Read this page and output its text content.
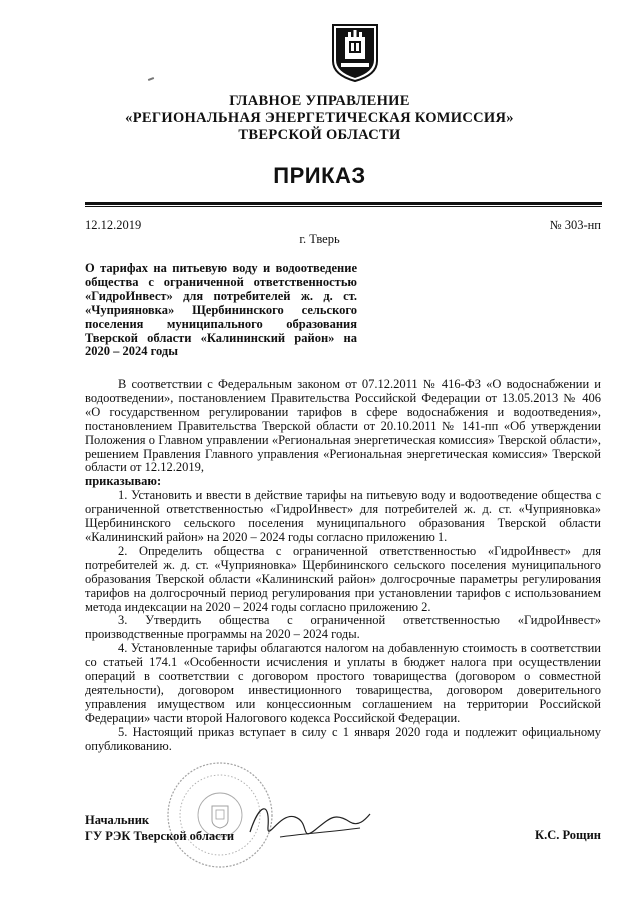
ГЛАВНОЕ УПРАВЛЕНИЕ
«РЕГИОНАЛЬНАЯ ЭНЕРГЕТИЧЕСКАЯ КОМИССИЯ»
ТВЕРСКОЙ ОБЛАСТИ
ПРИКАЗ
12.12.2019	№ 303-нп
г. Тверь
О тарифах на питьевую воду и водоотведение общества с ограниченной ответственностью «ГидроИнвест» для потребителей ж. д. ст. «Чуприяновка» Щербининского сельского поселения муниципального образования Тверской области «Калининский район» на 2020 – 2024 годы

В соответствии с Федеральным законом от 07.12.2011 № 416-ФЗ «О водоснабжении и водоотведении», постановлением Правительства Российской Федерации от 13.05.2013 № 406 «О государственном регулировании тарифов в сфере водоснабжения и водоотведения», постановлением Правительства Тверской области от 20.10.2011 № 141-пп «Об утверждении Положения о Главном управлении «Региональная энергетическая комиссия» Тверской области», решением Правления Главного управления «Региональная энергетическая комиссия» Тверской области от 12.12.2019,

приказываю:

1. Установить и ввести в действие тарифы на питьевую воду и водоотведение общества с ограниченной ответственностью «ГидроИнвест» для потребителей ж. д. ст. «Чуприяновка» Щербининского сельского поселения муниципального образования Тверской области «Калининский район» на 2020 – 2024 годы согласно приложению 1.

2. Определить общества с ограниченной ответственностью «ГидроИнвест» для потребителей ж. д. ст. «Чуприяновка» Щербининского сельского поселения муниципального образования Тверской области «Калининский район» долгосрочные параметры регулирования тарифов на долгосрочный период регулирования при установлении тарифов с использованием метода индексации на 2020 – 2024 годы согласно приложению 2.

3. Утвердить общества с ограниченной ответственностью «ГидроИнвест» производственные программы на 2020 – 2024 годы.

4. Установленные тарифы облагаются налогом на добавленную стоимость в соответствии со статьей 174.1 «Особенности исчисления и уплаты в бюджет налога при осуществлении операций в соответствии с договором простого товарищества (договором о совместной деятельности), договором инвестиционного товарищества, договором доверительного управления имуществом или концессионным соглашением на территории Российской Федерации» части второй Налогового кодекса Российской Федерации.

5. Настоящий приказ вступает в силу с 1 января 2020 года и подлежит официальному опубликованию.

Начальник
ГУ РЭК Тверской области	К.С. Рощин
